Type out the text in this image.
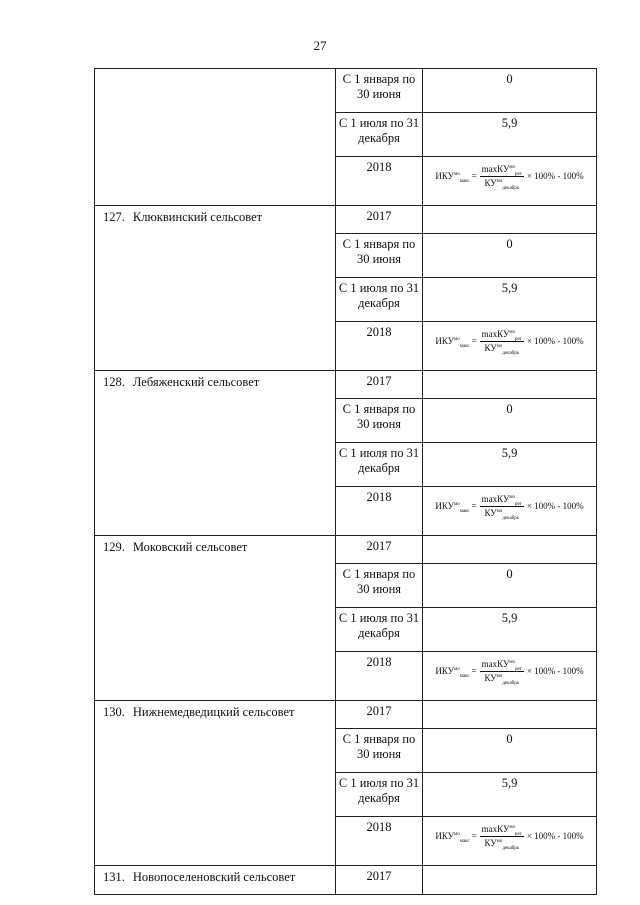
27
	С 1 января по 30 июня	0
	С 1 июля по 31 декабря	5,9
	2018	$ИКУ^{мо}_{макс} = \frac{\max КУ^{мо}_{рег}}{КУ^{мо}_{декабрь}} \times 100\% - 100\%$

127. Клюквинский сельсовет	2017	
	С 1 января по 30 июня	0
	С 1 июля по 31 декабря	5,9
	2018	$ИКУ^{мо}_{макс} = \frac{\max КУ^{мо}_{рег}}{КУ^{мо}_{декабрь}} \times 100\% - 100\%$

128. Лебяженский сельсовет	2017	
	С 1 января по 30 июня	0
	С 1 июля по 31 декабря	5,9
	2018	$ИКУ^{мо}_{макс} = \frac{\max КУ^{мо}_{рег}}{КУ^{мо}_{декабрь}} \times 100\% - 100\%$

129. Моковский сельсовет	2017	
	С 1 января по 30 июня	0
	С 1 июля по 31 декабря	5,9
	2018	$ИКУ^{мо}_{макс} = \frac{\max КУ^{мо}_{рег}}{КУ^{мо}_{декабрь}} \times 100\% - 100\%$

130. Нижнемедведицкий сельсовет	2017	
	С 1 января по 30 июня	0
	С 1 июля по 31 декабря	5,9
	2018	$ИКУ^{мо}_{макс} = \frac{\max КУ^{мо}_{рег}}{КУ^{мо}_{декабрь}} \times 100\% - 100\%$

131. Новопоселеновский сельсовет	2017	
